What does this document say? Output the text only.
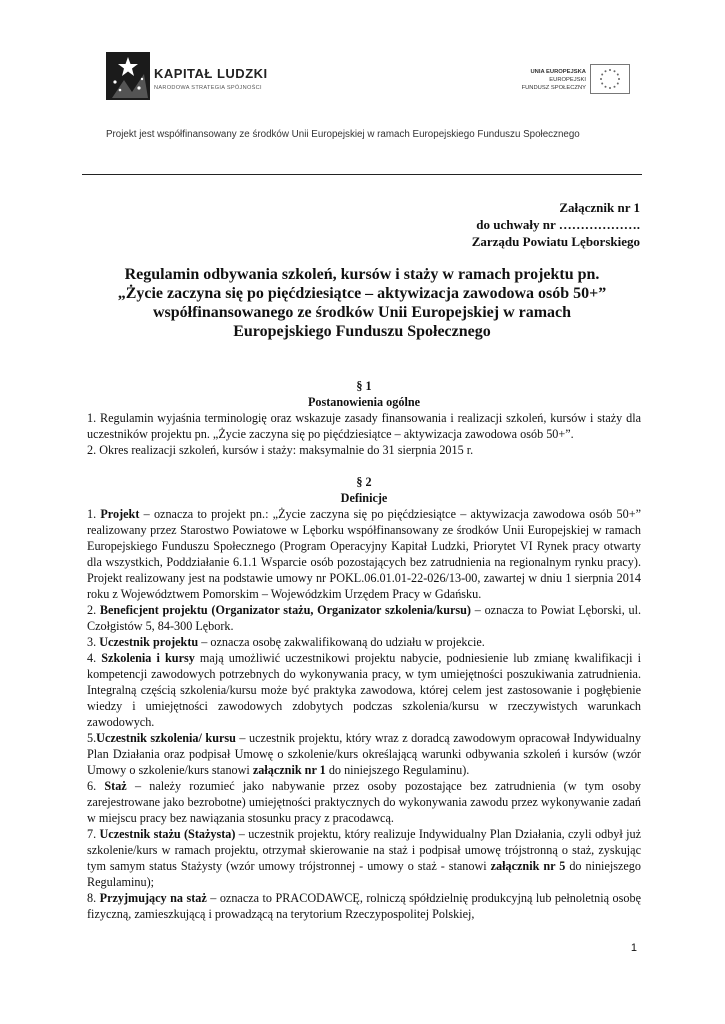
KAPITAŁ LUDZKI
NARODOWA STRATEGIA SPÓJNOŚCI
UNIA EUROPEJSKA
EUROPEJSKI
FUNDUSZ SPOŁECZNY
Projekt jest współfinansowany ze środków Unii Europejskiej w ramach Europejskiego Funduszu Społecznego
Załącznik nr 1
do uchwały nr ……………….
Zarządu Powiatu Lęborskiego
Regulamin odbywania szkoleń, kursów i staży w ramach projektu pn.
„Życie zaczyna się po pięćdziesiątce – aktywizacja zawodowa osób 50+”
współfinansowanego ze środków Unii Europejskiej w ramach
Europejskiego Funduszu Społecznego
§ 1
Postanowienia ogólne

1. Regulamin wyjaśnia terminologię oraz wskazuje zasady finansowania i realizacji szkoleń, kursów i staży dla uczestników projektu pn. „Życie zaczyna się po pięćdziesiątce – aktywizacja zawodowa osób 50+”.

2. Okres realizacji szkoleń, kursów i staży: maksymalnie do 31 sierpnia 2015 r.

§ 2
Definicje

1. Projekt – oznacza to projekt pn.: „Życie zaczyna się po pięćdziesiątce – aktywizacja zawodowa osób 50+” realizowany przez Starostwo Powiatowe w Lęborku współfinansowany ze środków Unii Europejskiej w ramach Europejskiego Funduszu Społecznego (Program Operacyjny Kapitał Ludzki, Priorytet VI Rynek pracy otwarty dla wszystkich, Poddziałanie 6.1.1 Wsparcie osób pozostających bez zatrudnienia na regionalnym rynku pracy). Projekt realizowany jest na podstawie umowy nr POKL.06.01.01-22-026/13-00, zawartej w dniu 1 sierpnia 2014 roku z Województwem Pomorskim – Wojewódzkim Urzędem Pracy w Gdańsku.

2. Beneficjent projektu (Organizator stażu, Organizator szkolenia/kursu) – oznacza to Powiat Lęborski, ul. Czołgistów 5, 84-300 Lębork.

3. Uczestnik projektu – oznacza osobę zakwalifikowaną do udziału w projekcie.

4. Szkolenia i kursy mają umożliwić uczestnikowi projektu nabycie, podniesienie lub zmianę kwalifikacji i kompetencji zawodowych potrzebnych do wykonywania pracy, w tym umiejętności poszukiwania zatrudnienia. Integralną częścią szkolenia/kursu może być praktyka zawodowa, której celem jest zastosowanie i pogłębienie wiedzy i umiejętności zawodowych zdobytych podczas szkolenia/kursu w rzeczywistych warunkach zawodowych.

5.Uczestnik szkolenia/ kursu – uczestnik projektu, który wraz z doradcą zawodowym opracował Indywidualny Plan Działania oraz podpisał Umowę o szkolenie/kurs określającą warunki odbywania szkoleń i kursów (wzór Umowy o szkolenie/kurs stanowi załącznik nr 1 do niniejszego Regulaminu).

6. Staż – należy rozumieć jako nabywanie przez osoby pozostające bez zatrudnienia (w tym osoby zarejestrowane jako bezrobotne) umiejętności praktycznych do wykonywania zawodu przez wykonywanie zadań w miejscu pracy bez nawiązania stosunku pracy z pracodawcą.

7. Uczestnik stażu (Stażysta) – uczestnik projektu, który realizuje Indywidualny Plan Działania, czyli odbył już szkolenie/kurs w ramach projektu, otrzymał skierowanie na staż i podpisał umowę trójstronną o staż, zyskując tym samym status Stażysty (wzór umowy trójstronnej - umowy o staż - stanowi załącznik nr 5 do niniejszego Regulaminu);

8. Przyjmujący na staż – oznacza to PRACODAWCĘ, rolniczą spółdzielnię produkcyjną lub pełnoletnią osobę fizyczną, zamieszkującą i prowadzącą na terytorium Rzeczypospolitej Polskiej,

1
